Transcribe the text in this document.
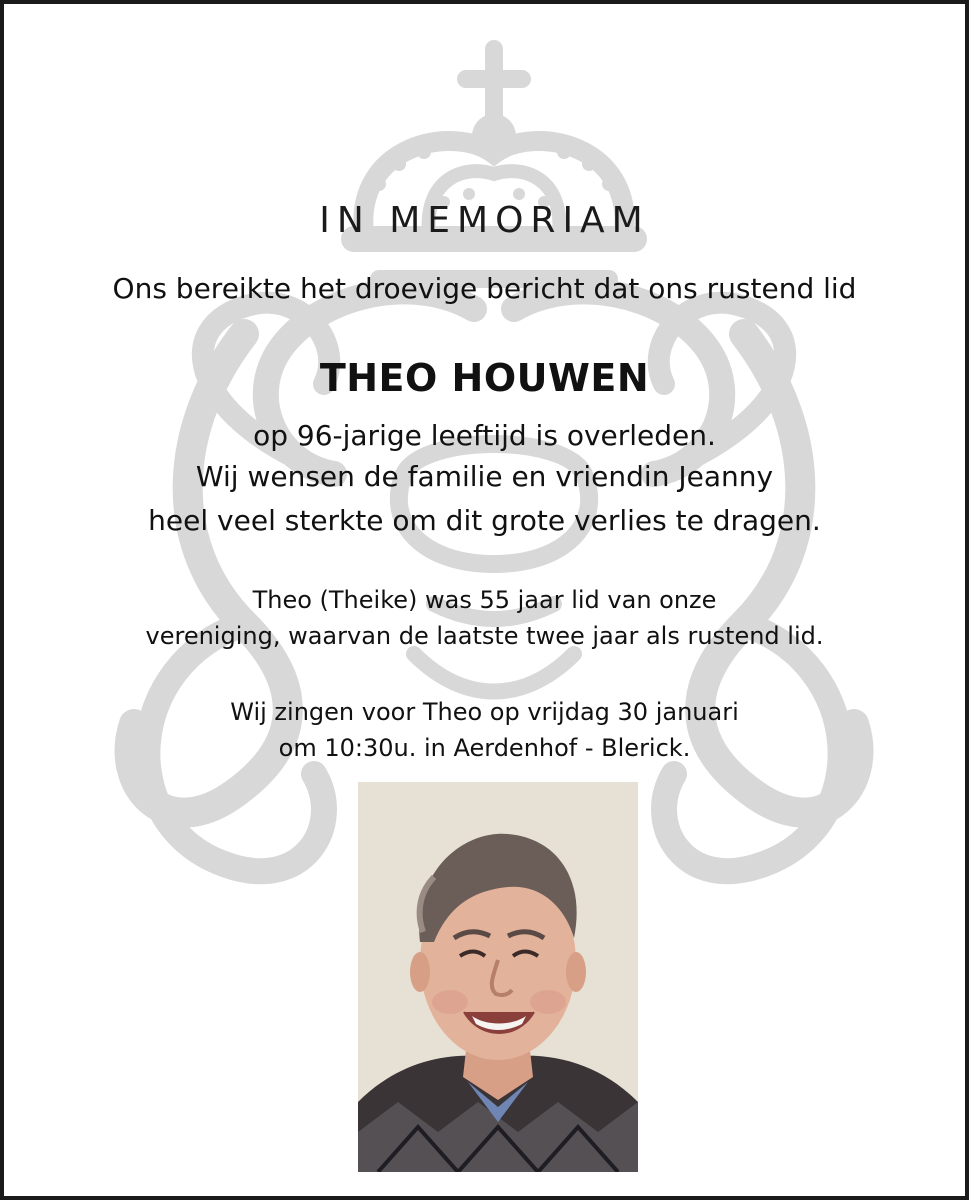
IN MEMORIAM
Ons bereikte het droevige bericht dat ons rustend lid
THEO HOUWEN
op 96-jarige leeftijd is overleden.
Wij wensen de familie en vriendin Jeanny
heel veel sterkte om dit grote verlies te dragen.
Theo (Theike) was 55 jaar lid van onze
vereniging, waarvan de laatste twee jaar als rustend lid.
Wij zingen voor Theo op vrijdag 30 januari
om 10:30u. in Aerdenhof - Blerick.
